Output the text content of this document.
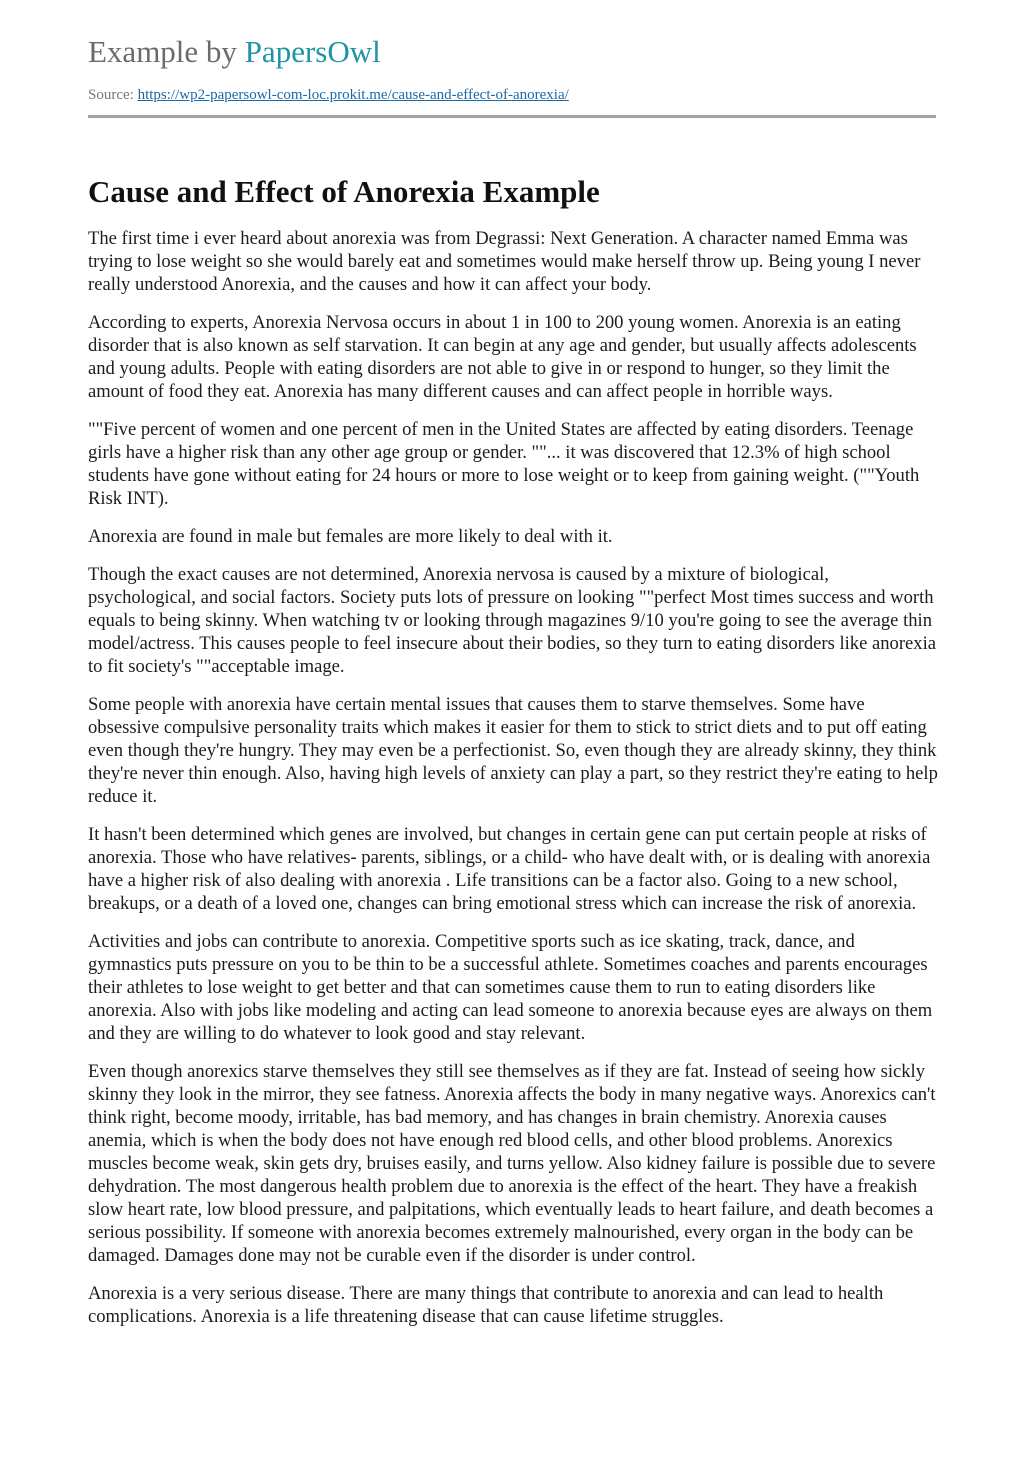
Example by PapersOwl
Source: https://wp2-papersowl-com-loc.prokit.me/cause-and-effect-of-anorexia/
Cause and Effect of Anorexia Example

The first time i ever heard about anorexia was from Degrassi: Next Generation. A character named Emma was trying to lose weight so she would barely eat and sometimes would make herself throw up. Being young I never really understood Anorexia, and the causes and how it can affect your body.

According to experts, Anorexia Nervosa occurs in about 1 in 100 to 200 young women. Anorexia is an eating disorder that is also known as self starvation. It can begin at any age and gender, but usually affects adolescents and young adults. People with eating disorders are not able to give in or respond to hunger, so they limit the amount of food they eat. Anorexia has many different causes and can affect people in horrible ways.

""Five percent of women and one percent of men in the United States are affected by eating disorders. Teenage girls have a higher risk than any other age group or gender. ""... it was discovered that 12.3% of high school students have gone without eating for 24 hours or more to lose weight or to keep from gaining weight. (""Youth Risk INT).

Anorexia are found in male but females are more likely to deal with it.

Though the exact causes are not determined, Anorexia nervosa is caused by a mixture of biological, psychological, and social factors. Society puts lots of pressure on looking ""perfect Most times success and worth equals to being skinny. When watching tv or looking through magazines 9/10 you're going to see the average thin model/actress. This causes people to feel insecure about their bodies, so they turn to eating disorders like anorexia to fit society's ""acceptable image.

Some people with anorexia have certain mental issues that causes them to starve themselves. Some have obsessive compulsive personality traits which makes it easier for them to stick to strict diets and to put off eating even though they're hungry. They may even be a perfectionist. So, even though they are already skinny, they think they're never thin enough. Also, having high levels of anxiety can play a part, so they restrict they're eating to help reduce it.

It hasn't been determined which genes are involved, but changes in certain gene can put certain people at risks of anorexia. Those who have relatives- parents, siblings, or a child- who have dealt with, or is dealing with anorexia have a higher risk of also dealing with anorexia . Life transitions can be a factor also. Going to a new school, breakups, or a death of a loved one, changes can bring emotional stress which can increase the risk of anorexia.

Activities and jobs can contribute to anorexia. Competitive sports such as ice skating, track, dance, and gymnastics puts pressure on you to be thin to be a successful athlete. Sometimes coaches and parents encourages their athletes to lose weight to get better and that can sometimes cause them to run to eating disorders like anorexia. Also with jobs like modeling and acting can lead someone to anorexia because eyes are always on them and they are willing to do whatever to look good and stay relevant.

Even though anorexics starve themselves they still see themselves as if they are fat. Instead of seeing how sickly skinny they look in the mirror, they see fatness. Anorexia affects the body in many negative ways. Anorexics can't think right, become moody, irritable, has bad memory, and has changes in brain chemistry. Anorexia causes anemia, which is when the body does not have enough red blood cells, and other blood problems. Anorexics muscles become weak, skin gets dry, bruises easily, and turns yellow. Also kidney failure is possible due to severe dehydration. The most dangerous health problem due to anorexia is the effect of the heart. They have a freakish slow heart rate, low blood pressure, and palpitations, which eventually leads to heart failure, and death becomes a serious possibility. If someone with anorexia becomes extremely malnourished, every organ in the body can be damaged. Damages done may not be curable even if the disorder is under control.

Anorexia is a very serious disease. There are many things that contribute to anorexia and can lead to health complications. Anorexia is a life threatening disease that can cause lifetime struggles.
